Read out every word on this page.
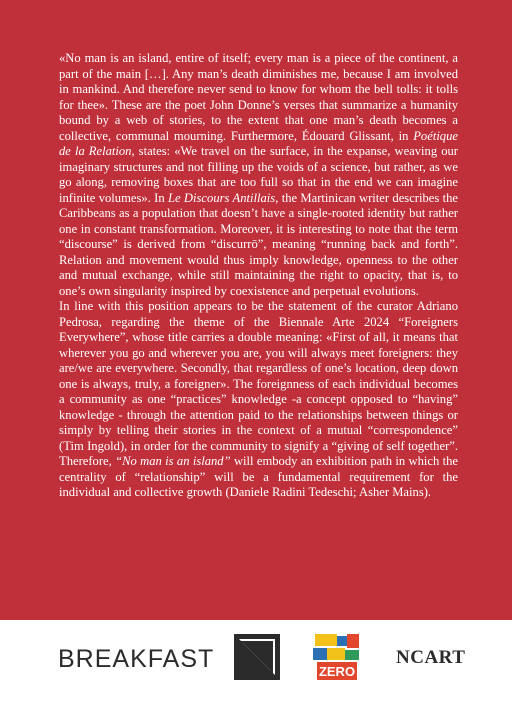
«No man is an island, entire of itself; every man is a piece of the continent, a part of the main […]. Any man’s death diminishes me, because I am involved in mankind. And therefore never send to know for whom the bell tolls: it tolls for thee». These are the poet John Donne’s verses that summarize a humanity bound by a web of stories, to the extent that one man’s death becomes a collective, communal mourning. Furthermore, Édouard Glissant, in Poétique de la Relation, states: «We travel on the surface, in the expanse, weaving our imaginary structures and not filling up the voids of a science, but rather, as we go along, removing boxes that are too full so that in the end we can imagine infinite volumes». In Le Discours Antillais, the Martinican writer describes the Caribbeans as a population that doesn’t have a single-rooted identity but rather one in constant transformation. Moreover, it is interesting to note that the term “discourse” is derived from “discurrō”, meaning “running back and forth”. Relation and movement would thus imply knowledge, openness to the other and mutual exchange, while still maintaining the right to opacity, that is, to one’s own singularity inspired by coexistence and perpetual evolutions.

In line with this position appears to be the statement of the curator Adriano Pedrosa, regarding the theme of the Biennale Arte 2024 “Foreigners Everywhere”, whose title carries a double meaning: «First of all, it means that wherever you go and wherever you are, you will always meet foreigners: they are/we are everywhere. Secondly, that regardless of one’s location, deep down one is always, truly, a foreigner». The foreignness of each individual becomes a community as one “practices” knowledge -a concept opposed to “having” knowledge - through the attention paid to the relationships between things or simply by telling their stories in the context of a mutual “correspondence” (Tim Ingold), in order for the community to signify a “giving of self together”. Therefore, “No man is an island” will embody an exhibition path in which the centrality of “relationship” will be a fundamental requirement for the individual and collective growth (Daniele Radini Tedeschi; Asher Mains).

BREAKFAST	ZERO
NCART
